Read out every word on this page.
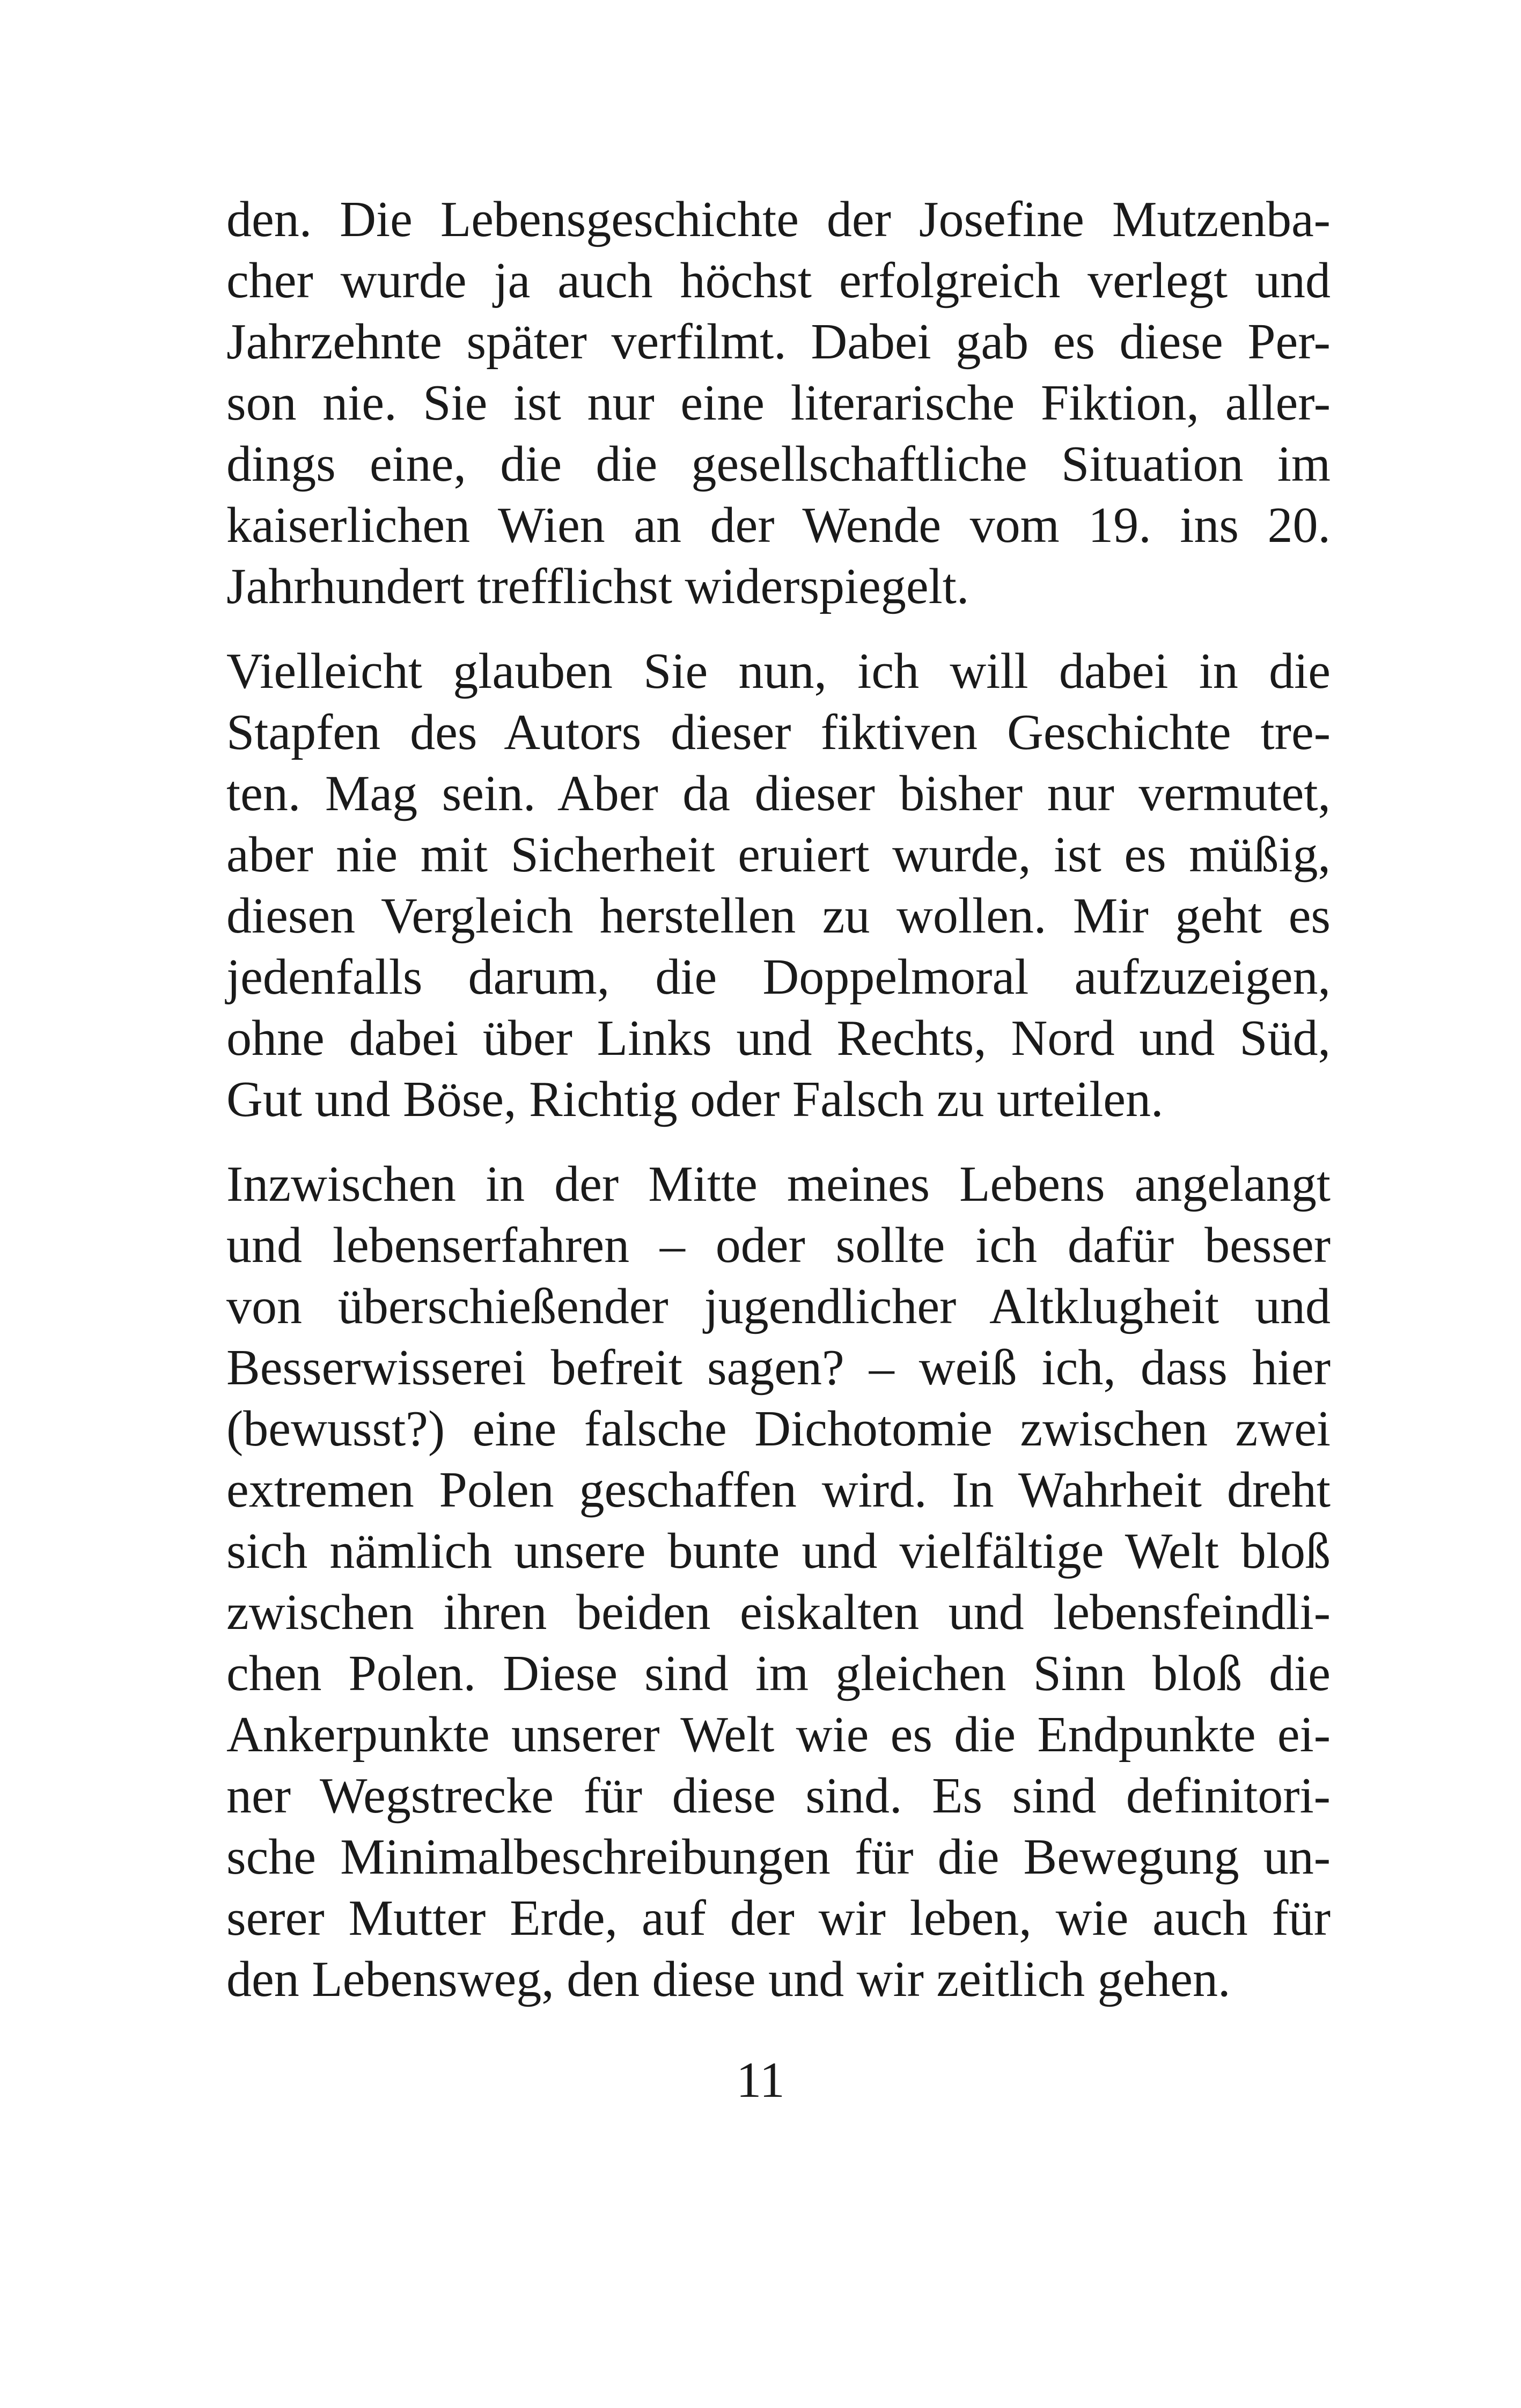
den. Die Lebensgeschichte der Josefine Mutzenba-
cher wurde ja auch höchst erfolgreich verlegt und
Jahrzehnte später verfilmt. Dabei gab es diese Per-
son nie. Sie ist nur eine literarische Fiktion, aller-
dings eine, die die gesellschaftliche Situation im
kaiserlichen Wien an der Wende vom 19. ins 20.
Jahrhundert trefflichst widerspiegelt.

Vielleicht glauben Sie nun, ich will dabei in die
Stapfen des Autors dieser fiktiven Geschichte tre-
ten. Mag sein. Aber da dieser bisher nur vermutet,
aber nie mit Sicherheit eruiert wurde, ist es müßig,
diesen Vergleich herstellen zu wollen. Mir geht es
jedenfalls darum, die Doppelmoral aufzuzeigen,
ohne dabei über Links und Rechts, Nord und Süd,
Gut und Böse, Richtig oder Falsch zu urteilen.

Inzwischen in der Mitte meines Lebens angelangt
und lebenserfahren – oder sollte ich dafür besser
von überschießender jugendlicher Altklugheit und
Besserwisserei befreit sagen? – weiß ich, dass hier
(bewusst?) eine falsche Dichotomie zwischen zwei
extremen Polen geschaffen wird. In Wahrheit dreht
sich nämlich unsere bunte und vielfältige Welt bloß
zwischen ihren beiden eiskalten und lebensfeindli-
chen Polen. Diese sind im gleichen Sinn bloß die
Ankerpunkte unserer Welt wie es die Endpunkte ei-
ner Wegstrecke für diese sind. Es sind definitori-
sche Minimalbeschreibungen für die Bewegung un-
serer Mutter Erde, auf der wir leben, wie auch für
den Lebensweg, den diese und wir zeitlich gehen.

11
